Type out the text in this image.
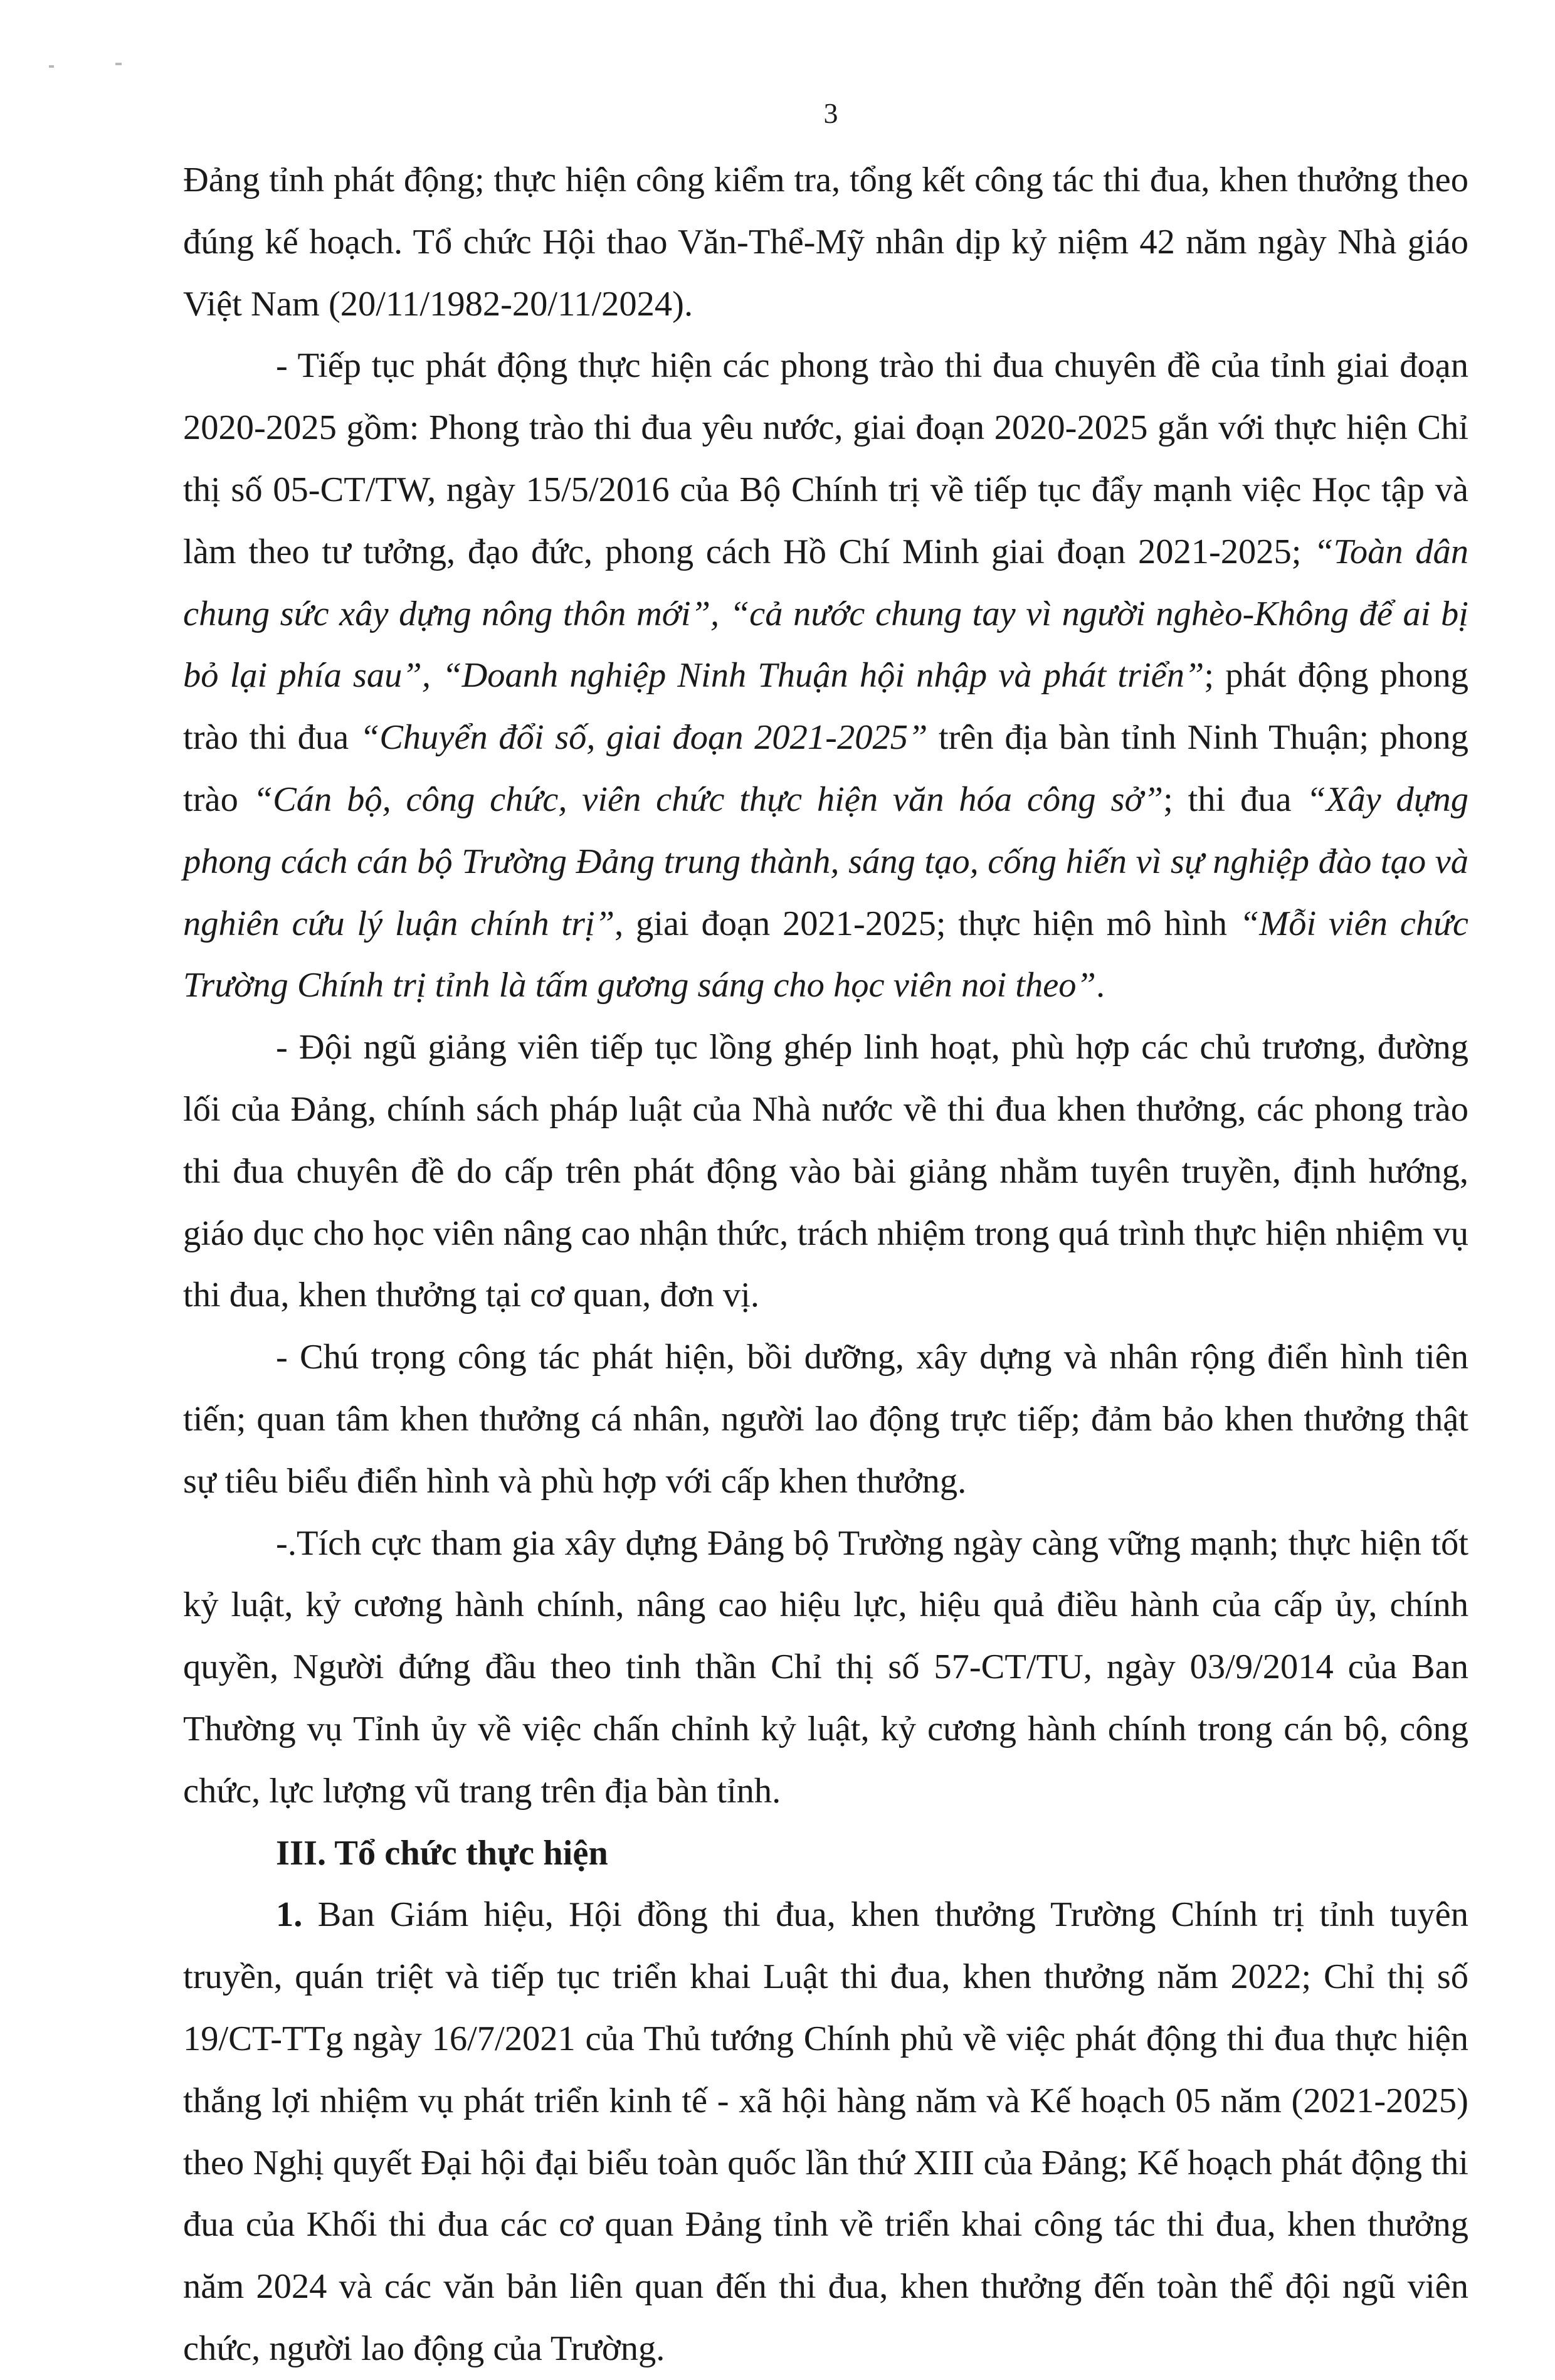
3

Đảng tỉnh phát động; thực hiện công kiểm tra, tổng kết công tác thi đua, khen thưởng theo đúng kế hoạch. Tổ chức Hội thao Văn-Thể-Mỹ nhân dịp kỷ niệm 42 năm ngày Nhà giáo Việt Nam (20/11/1982-20/11/2024).

- Tiếp tục phát động thực hiện các phong trào thi đua chuyên đề của tỉnh giai đoạn 2020-2025 gồm: Phong trào thi đua yêu nước, giai đoạn 2020-2025 gắn với thực hiện Chỉ thị số 05-CT/TW, ngày 15/5/2016 của Bộ Chính trị về tiếp tục đẩy mạnh việc Học tập và làm theo tư tưởng, đạo đức, phong cách Hồ Chí Minh giai đoạn 2021-2025; “Toàn dân chung sức xây dựng nông thôn mới”, “cả nước chung tay vì người nghèo-Không để ai bị bỏ lại phía sau”, “Doanh nghiệp Ninh Thuận hội nhập và phát triển”; phát động phong trào thi đua “Chuyển đổi số, giai đoạn 2021-2025” trên địa bàn tỉnh Ninh Thuận; phong trào “Cán bộ, công chức, viên chức thực hiện văn hóa công sở”; thi đua “Xây dựng phong cách cán bộ Trường Đảng trung thành, sáng tạo, cống hiến vì sự nghiệp đào tạo và nghiên cứu lý luận chính trị”, giai đoạn 2021-2025; thực hiện mô hình “Mỗi viên chức Trường Chính trị tỉnh là tấm gương sáng cho học viên noi theo”.

- Đội ngũ giảng viên tiếp tục lồng ghép linh hoạt, phù hợp các chủ trương, đường lối của Đảng, chính sách pháp luật của Nhà nước về thi đua khen thưởng, các phong trào thi đua chuyên đề do cấp trên phát động vào bài giảng nhằm tuyên truyền, định hướng, giáo dục cho học viên nâng cao nhận thức, trách nhiệm trong quá trình thực hiện nhiệm vụ thi đua, khen thưởng tại cơ quan, đơn vị.

- Chú trọng công tác phát hiện, bồi dưỡng, xây dựng và nhân rộng điển hình tiên tiến; quan tâm khen thưởng cá nhân, người lao động trực tiếp; đảm bảo khen thưởng thật sự tiêu biểu điển hình và phù hợp với cấp khen thưởng.

-.Tích cực tham gia xây dựng Đảng bộ Trường ngày càng vững mạnh; thực hiện tốt kỷ luật, kỷ cương hành chính, nâng cao hiệu lực, hiệu quả điều hành của cấp ủy, chính quyền, Người đứng đầu theo tinh thần Chỉ thị số 57-CT/TU, ngày 03/9/2014 của Ban Thường vụ Tỉnh ủy về việc chấn chỉnh kỷ luật, kỷ cương hành chính trong cán bộ, công chức, lực lượng vũ trang trên địa bàn tỉnh.

III. Tổ chức thực hiện

1. Ban Giám hiệu, Hội đồng thi đua, khen thưởng Trường Chính trị tỉnh tuyên truyền, quán triệt và tiếp tục triển khai Luật thi đua, khen thưởng năm 2022; Chỉ thị số 19/CT-TTg ngày 16/7/2021 của Thủ tướng Chính phủ về việc phát động thi đua thực hiện thắng lợi nhiệm vụ phát triển kinh tế - xã hội hàng năm và Kế hoạch 05 năm (2021-2025) theo Nghị quyết Đại hội đại biểu toàn quốc lần thứ XIII của Đảng; Kế hoạch phát động thi đua của Khối thi đua các cơ quan Đảng tỉnh về triển khai công tác thi đua, khen thưởng năm 2024 và các văn bản liên quan đến thi đua, khen thưởng đến toàn thể đội ngũ viên chức, người lao động của Trường.
